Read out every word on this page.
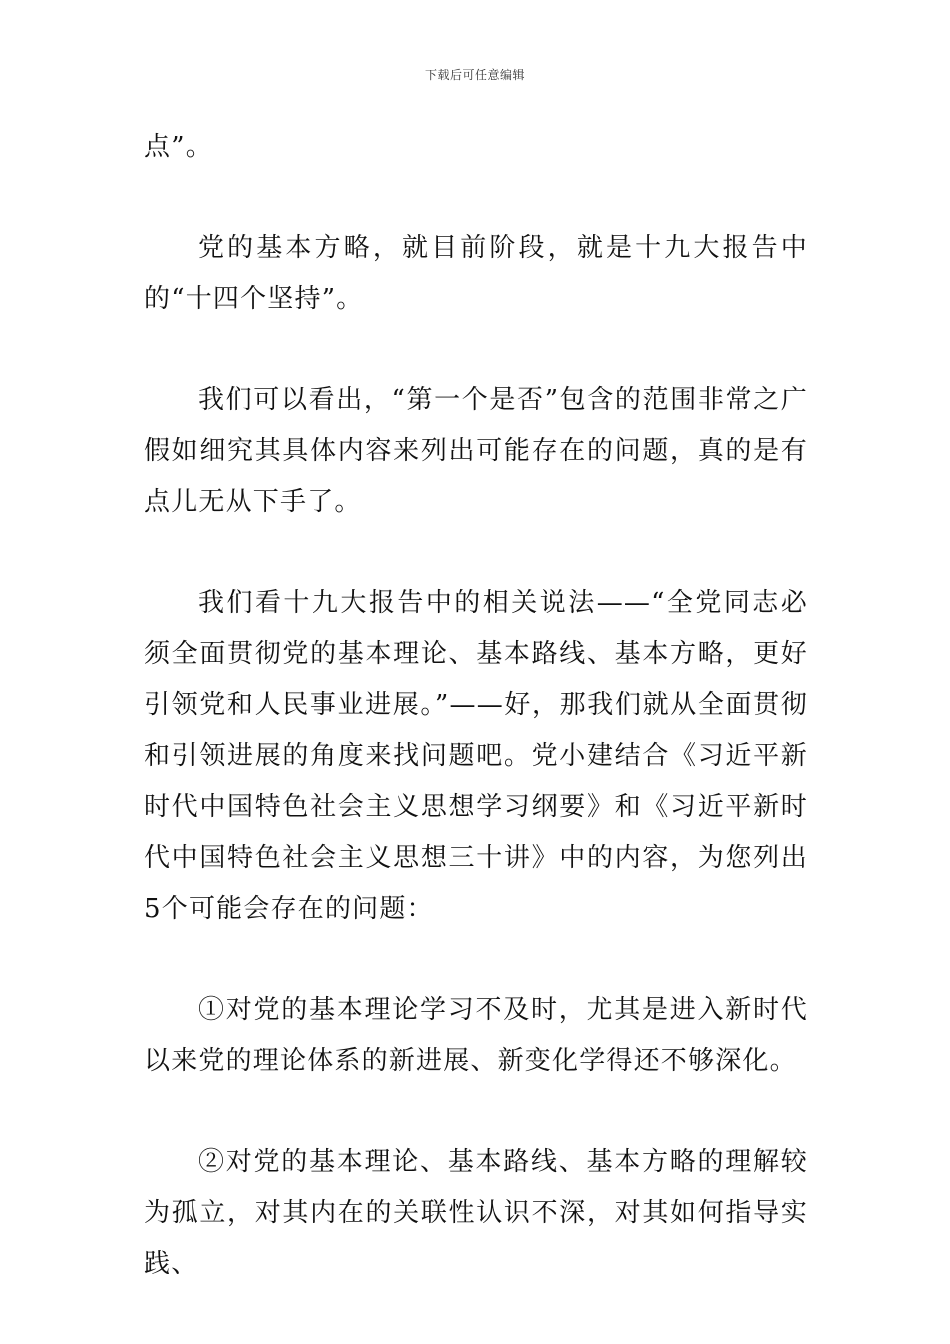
下载后可任意编辑

点”。

党的基本方略，就目前阶段，就是十九大报告中的“十四个坚持”。

我们可以看出，“第一个是否”包含的范围非常之广假如细究其具体内容来列出可能存在的问题，真的是有点儿无从下手了。

我们看十九大报告中的相关说法——“全党同志必须全面贯彻党的基本理论、基本路线、基本方略，更好引领党和人民事业进展。”——好，那我们就从全面贯彻和引领进展的角度来找问题吧。党小建结合《习近平新时代中国特色社会主义思想学习纲要》和《习近平新时代中国特色社会主义思想三十讲》中的内容，为您列出5个可能会存在的问题：

①对党的基本理论学习不及时，尤其是进入新时代以来党的理论体系的新进展、新变化学得还不够深化。

②对党的基本理论、基本路线、基本方略的理解较为孤立，对其内在的关联性认识不深，对其如何指导实践、
